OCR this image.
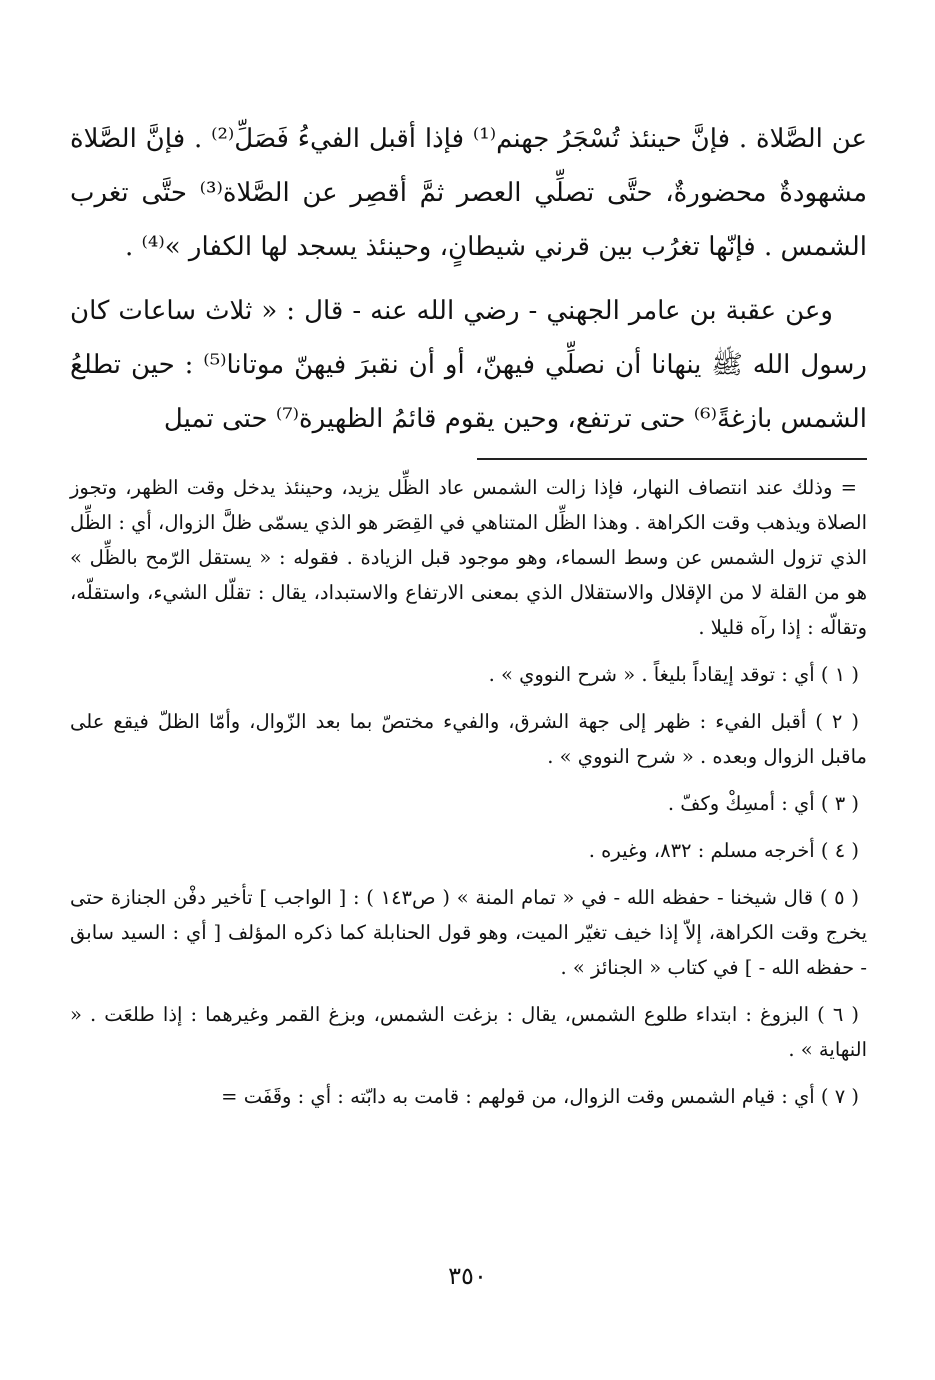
عن الصَّلاة . فإنَّ حينئذ تُسْجَرُ جهنم⁽¹⁾ فإذا أقبل الفيءُ فَصَلِّ⁽²⁾ . فإنَّ الصَّلاة مشهودةٌ محضورةٌ، حتَّى تصلِّي العصر ثمَّ أقصِر عن الصَّلاة⁽³⁾ حتَّى تغرب الشمس . فإنّها تغرُب بين قرني شيطانٍ، وحينئذ يسجد لها الكفار »⁽⁴⁾ .

وعن عقبة بن عامر الجهني - رضي الله عنه - قال : « ثلاث ساعات كان رسول الله ﷺ ينهانا أن نصلِّي فيهنّ، أو أن نقبرَ فيهنّ موتانا⁽⁵⁾ : حين تطلعُ الشمس بازغةً⁽⁶⁾ حتى ترتفع، وحين يقوم قائمُ الظهيرة⁽⁷⁾ حتى تميل

= وذلك عند انتصاف النهار، فإذا زالت الشمس عاد الظِّل يزيد، وحينئذ يدخل وقت الظهر، وتجوز الصلاة ويذهب وقت الكراهة . وهذا الظِّل المتناهي في القِصَر هو الذي يسمّى ظلَّ الزوال، أي : الظِّل الذي تزول الشمس عن وسط السماء، وهو موجود قبل الزيادة . فقوله : « يستقل الرّمح بالظِّل » هو من القلة لا من الإقلال والاستقلال الذي بمعنى الارتفاع والاستبداد، يقال : تقلّل الشيء، واستقلّه، وتقالّه : إذا رآه قليلا .

( ١ ) أي : توقد إيقاداً بليغاً . « شرح النووي » .

( ٢ ) أقبل الفيء : ظهر إلى جهة الشرق، والفيء مختصّ بما بعد الزّوال، وأمّا الظلّ فيقع على ماقبل الزوال وبعده . « شرح النووي » .

( ٣ ) أي : أمسِكْ وكفّ .

( ٤ ) أخرجه مسلم : ٨٣٢، وغيره .

( ٥ ) قال شيخنا - حفظه الله - في « تمام المنة » ( ص١٤٣ ) : [ الواجب ] تأخير دفْن الجنازة حتى يخرج وقت الكراهة، إلاّ إذا خيف تغيّر الميت، وهو قول الحنابلة كما ذكره المؤلف [ أي : السيد سابق - حفظه الله - ] في كتاب « الجنائز » .

( ٦ ) البزوغ : ابتداء طلوع الشمس، يقال : بزغت الشمس، وبزغ القمر وغيرهما : إذا طلعَت . « النهاية » .

( ٧ ) أي : قيام الشمس وقت الزوال، من قولهم : قامت به دابّته : أي : وقَفَت =

٣٥٠
